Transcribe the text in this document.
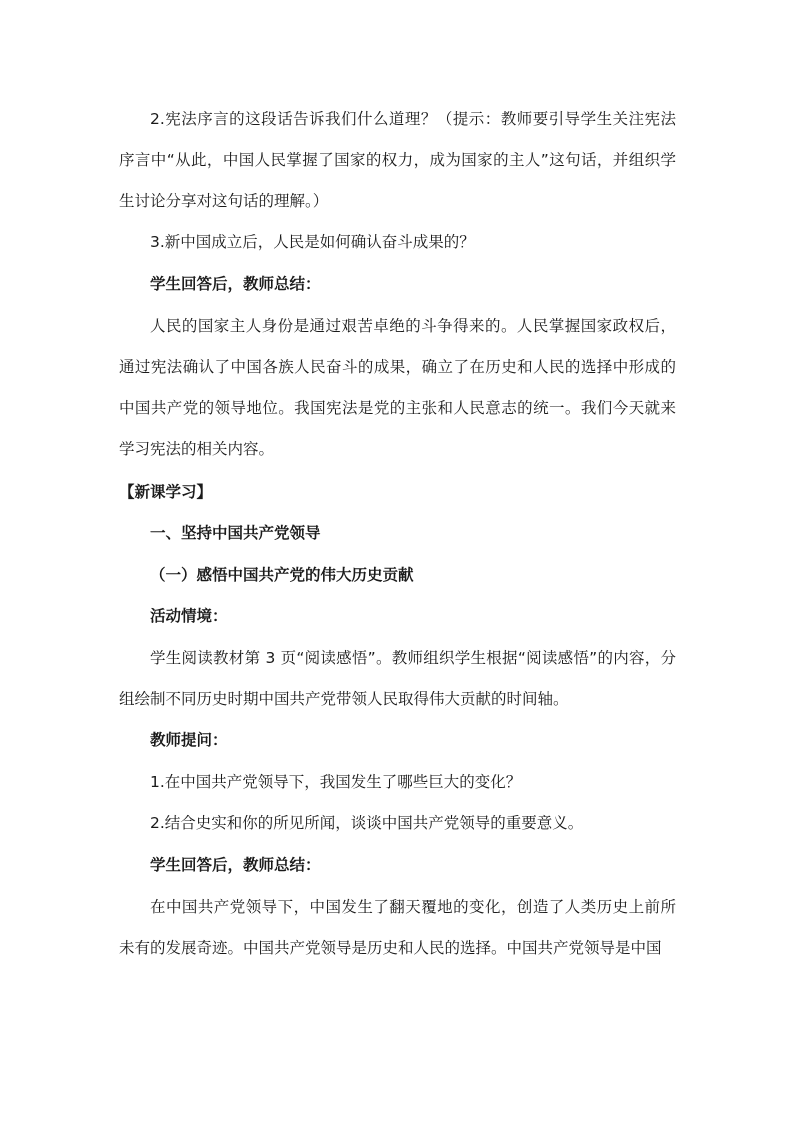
2.宪法序言的这段话告诉我们什么道理？（提示：教师要引导学生关注宪法序言中“从此，中国人民掌握了国家的权力，成为国家的主人”这句话，并组织学生讨论分享对这句话的理解。）

3.新中国成立后，人民是如何确认奋斗成果的？

学生回答后，教师总结：

人民的国家主人身份是通过艰苦卓绝的斗争得来的。人民掌握国家政权后，通过宪法确认了中国各族人民奋斗的成果，确立了在历史和人民的选择中形成的中国共产党的领导地位。我国宪法是党的主张和人民意志的统一。我们今天就来学习宪法的相关内容。

【新课学习】

一、坚持中国共产党领导

（一）感悟中国共产党的伟大历史贡献

活动情境：

学生阅读教材第 3 页“阅读感悟”。教师组织学生根据“阅读感悟”的内容，分组绘制不同历史时期中国共产党带领人民取得伟大贡献的时间轴。

教师提问：

1.在中国共产党领导下，我国发生了哪些巨大的变化？

2.结合史实和你的所见所闻，谈谈中国共产党领导的重要意义。

学生回答后，教师总结：

在中国共产党领导下，中国发生了翻天覆地的变化，创造了人类历史上前所未有的发展奇迹。中国共产党领导是历史和人民的选择。中国共产党领导是中国
